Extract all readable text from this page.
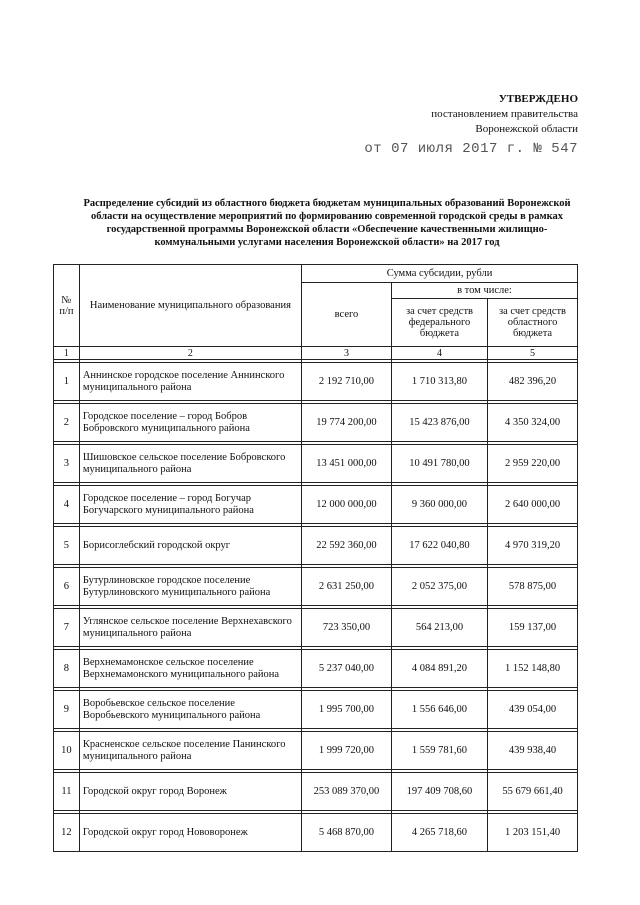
УТВЕРЖДЕНО
постановлением правительства
Воронежской области
от 07 июля 2017 г. № 547
Распределение субсидий из областного бюджета бюджетам муниципальных образований Воронежской области на осуществление мероприятий по формированию современной городской среды в рамках государственной программы Воронежской области «Обеспечение качественными жилищно-коммунальными услугами населения Воронежской области» на 2017 год
№ п/п	Наименование муниципального образования	Сумма субсидии, рубли		
		всего	в том числе:	
			за счет средств федерального бюджета	за счет средств областного бюджета
1	2	3	4	5

1	Аннинское городское поселение Аннинского муниципального района	2 192 710,00	1 710 313,80	482 396,20

2	Городское поселение – город Бобров Бобровского муниципального района	19 774 200,00	15 423 876,00	4 350 324,00

3	Шишовское сельское поселение Бобровского муниципального района	13 451 000,00	10 491 780,00	2 959 220,00

4	Городское поселение – город Богучар Богучарского муниципального района	12 000 000,00	9 360 000,00	2 640 000,00

5	Борисоглебский городской округ	22 592 360,00	17 622 040,80	4 970 319,20

6	Бутурлиновское городское поселение Бутурлиновского муниципального района	2 631 250,00	2 052 375,00	578 875,00

7	Углянское сельское поселение Верхнехавского муниципального района	723 350,00	564 213,00	159 137,00

8	Верхнемамонское сельское поселение Верхнемамонского муниципального района	5 237 040,00	4 084 891,20	1 152 148,80

9	Воробьевское сельское поселение Воробьевского муниципального района	1 995 700,00	1 556 646,00	439 054,00

10	Красненское сельское поселение Панинского муниципального района	1 999 720,00	1 559 781,60	439 938,40

11	Городской округ город Воронеж	253 089 370,00	197 409 708,60	55 679 661,40

12	Городской округ город Нововоронеж	5 468 870,00	4 265 718,60	1 203 151,40
